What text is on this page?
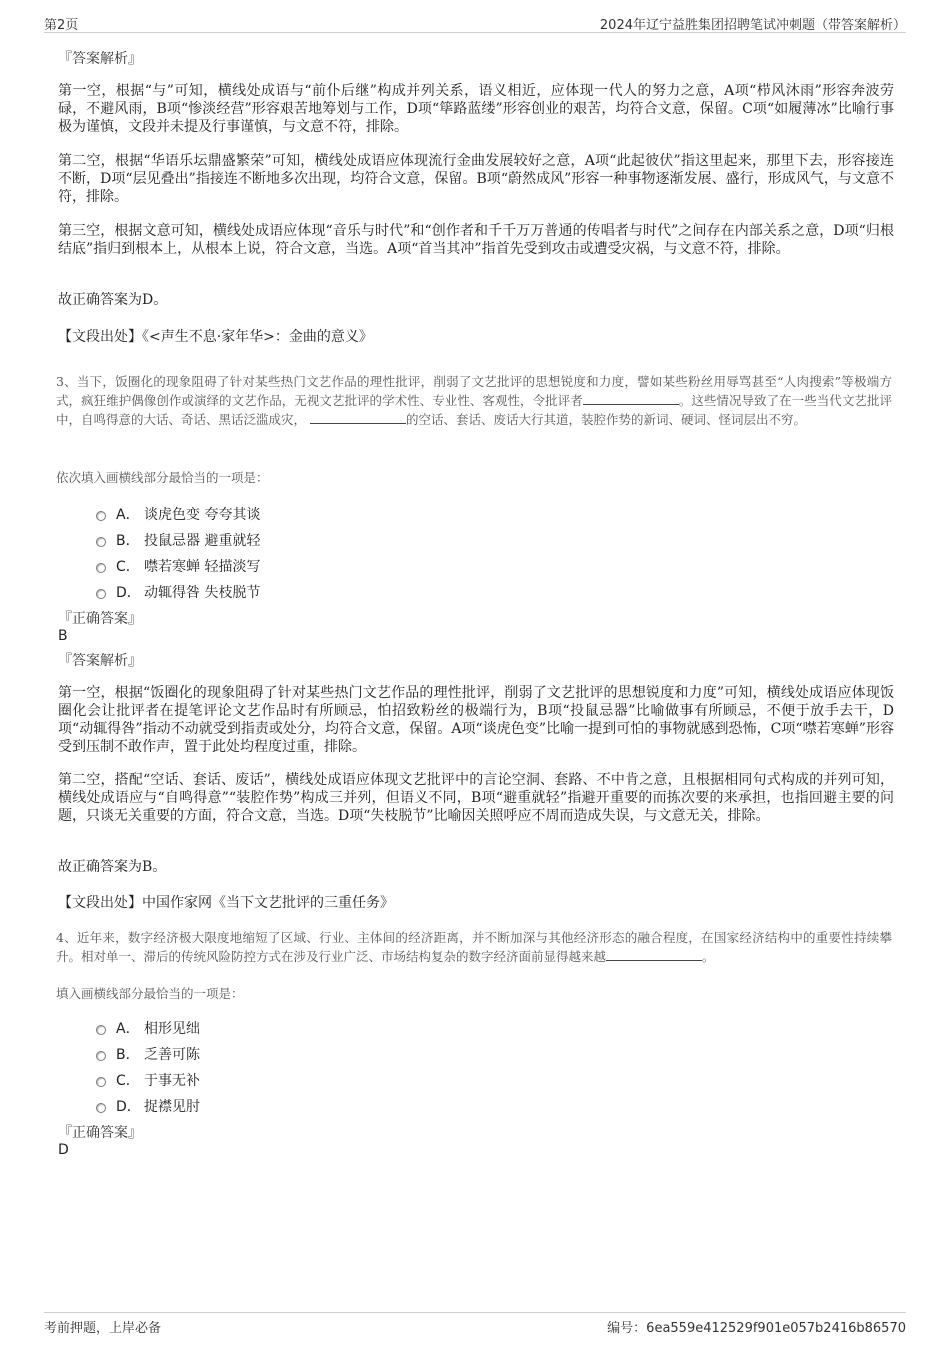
第2页	2024年辽宁益胜集团招聘笔试冲刺题（带答案解析）
『答案解析』
第一空，根据“与”可知，横线处成语与“前仆后继”构成并列关系，语义相近，应体现一代人的努力之意，A项“栉风沐雨”形容奔波劳碌，不避风雨，B项“惨淡经营”形容艰苦地筹划与工作，D项“筚路蓝缕”形容创业的艰苦，均符合文意，保留。C项“如履薄冰”比喻行事极为谨慎，文段并未提及行事谨慎，与文意不符，排除。
第二空，根据“华语乐坛鼎盛繁荣”可知，横线处成语应体现流行金曲发展较好之意，A项“此起彼伏”指这里起来，那里下去，形容接连不断，D项“层见叠出”指接连不断地多次出现，均符合文意，保留。B项“蔚然成风”形容一种事物逐渐发展、盛行，形成风气，与文意不符，排除。
第三空，根据文意可知，横线处成语应体现“音乐与时代”和“创作者和千千万万普通的传唱者与时代”之间存在内部关系之意，D项“归根结底”指归到根本上，从根本上说，符合文意，当选。A项“首当其冲”指首先受到攻击或遭受灾祸，与文意不符，排除。
故正确答案为D。
【文段出处】《<声生不息·家年华>：金曲的意义》
3、当下，饭圈化的现象阻碍了针对某些热门文艺作品的理性批评，削弱了文艺批评的思想锐度和力度，譬如某些粉丝用辱骂甚至“人肉搜索”等极端方式，疯狂维护偶像创作或演绎的文艺作品，无视文艺批评的学术性、专业性、客观性，令批评者	。这些情况导致了在一些当代文艺批评中，自鸣得意的大话、奇话、黑话泛滥成灾，	的空话、套话、废话大行其道，装腔作势的新词、硬词、怪词层出不穷。
依次填入画横线部分最恰当的一项是：
A． 谈虎色变 夸夸其谈
B． 投鼠忌器 避重就轻
C． 噤若寒蝉 轻描淡写
D． 动辄得咎 失枝脱节
『正确答案』
B
『答案解析』
第一空，根据“饭圈化的现象阻碍了针对某些热门文艺作品的理性批评，削弱了文艺批评的思想锐度和力度”可知，横线处成语应体现饭圈化会让批评者在提笔评论文艺作品时有所顾忌，怕招致粉丝的极端行为，B项“投鼠忌器”比喻做事有所顾忌，不便于放手去干，D项“动辄得咎”指动不动就受到指责或处分，均符合文意，保留。A项“谈虎色变”比喻一提到可怕的事物就感到恐怖，C项“噤若寒蝉”形容受到压制不敢作声，置于此处均程度过重，排除。
第二空，搭配“空话、套话、废话”，横线处成语应体现文艺批评中的言论空洞、套路、不中肯之意，且根据相同句式构成的并列可知，横线处成语应与“自鸣得意”“装腔作势”构成三并列，但语义不同，B项“避重就轻”指避开重要的而拣次要的来承担，也指回避主要的问题，只谈无关重要的方面，符合文意，当选。D项“失枝脱节”比喻因关照呼应不周而造成失误，与文意无关，排除。
故正确答案为B。
【文段出处】中国作家网《当下文艺批评的三重任务》
4、近年来，数字经济极大限度地缩短了区域、行业、主体间的经济距离，并不断加深与其他经济形态的融合程度，在国家经济结构中的重要性持续攀升。相对单一、滞后的传统风险防控方式在涉及行业广泛、市场结构复杂的数字经济面前显得越来越	。
填入画横线部分最恰当的一项是：
A． 相形见绌
B． 乏善可陈
C． 于事无补
D． 捉襟见肘
『正确答案』
D
考前押题，上岸必备	编号：6ea559e412529f901e057b2416b86570
